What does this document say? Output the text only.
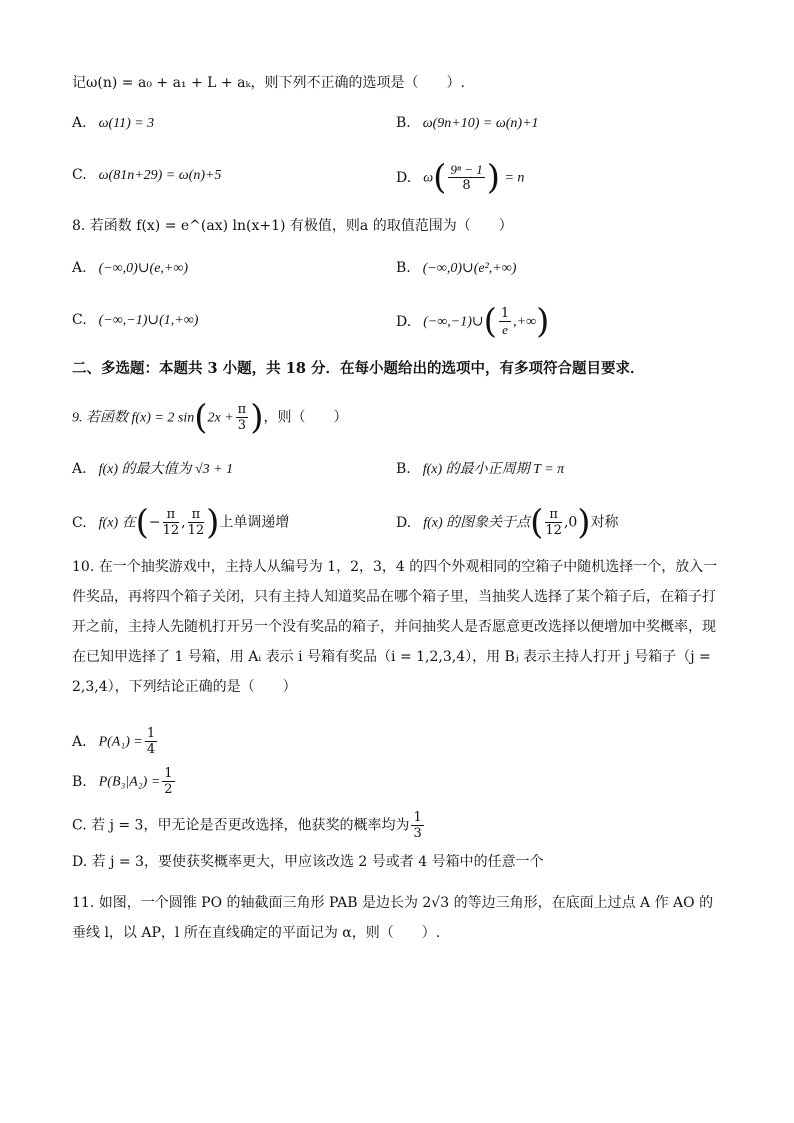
记ω(n) = a₀ + a₁ + L + aₖ，则下列不正确的选项是（　　）.
A. ω(11) = 3	B. ω(9n+10) = ω(n)+1
C. ω(81n+29) = ω(n)+5	D. $\omega( \frac{\text{9ⁿ − 1}}{8}$ ) = n
8. 若函数 f(x) = e^(ax) ln(x+1) 有极值，则a 的取值范围为（　　）
A. (−∞,0)∪(e,+∞)	B. (−∞,0)∪(e²,+∞)
C. (−∞,−1)∪(1,+∞)	D. (−∞,−1)∪( $\frac{1}{e}$ ,+∞)
二、多选题：本题共 3 小题，共 18 分．在每小题给出的选项中，有多项符合题目要求．
9. 若函数 f(x) = 2 $\sin(2x + \frac{\pi}{3}$ )，则（　　）
A. f(x) 的最大值为 √3 + 1	B. f(x) 的最小正周期 T = π
C. f(x) 在(− $\frac{\pi}{12}$ , $\frac{\pi}{12}$ )上单调递增	D. f(x) 的图象关于点( $\frac{\pi}{12} ,0$)对称
10. 在一个抽奖游戏中，主持人从编号为 1，2，3，4 的四个外观相同的空箱子中随机选择一个，放入一件奖品，再将四个箱子关闭，只有主持人知道奖品在哪个箱子里，当抽奖人选择了某个箱子后，在箱子打开之前，主持人先随机打开另一个没有奖品的箱子，并问抽奖人是否愿意更改选择以便增加中奖概率，现在已知甲选择了 1 号箱，用 Aᵢ 表示 i 号箱有奖品（i = 1,2,3,4），用 Bⱼ 表示主持人打开 j 号箱子（j = 2,3,4），下列结论正确的是（　　）
A. $P(A_1) = \frac{1}{4}$
B. $P(B_3|A_2) = \frac{1}{2}$
C. 若 j = 3，甲无论是否更改选择，他获奖的概率均为 $\frac{1}{3}$
D. 若 j = 3，要使获奖概率更大，甲应该改选 2 号或者 4 号箱中的任意一个
11. 如图，一个圆锥 PO 的轴截面三角形 PAB 是边长为 2√3 的等边三角形，在底面上过点 A 作 AO 的垂线 l，以 AP，l 所在直线确定的平面记为 α，则（　　）.
